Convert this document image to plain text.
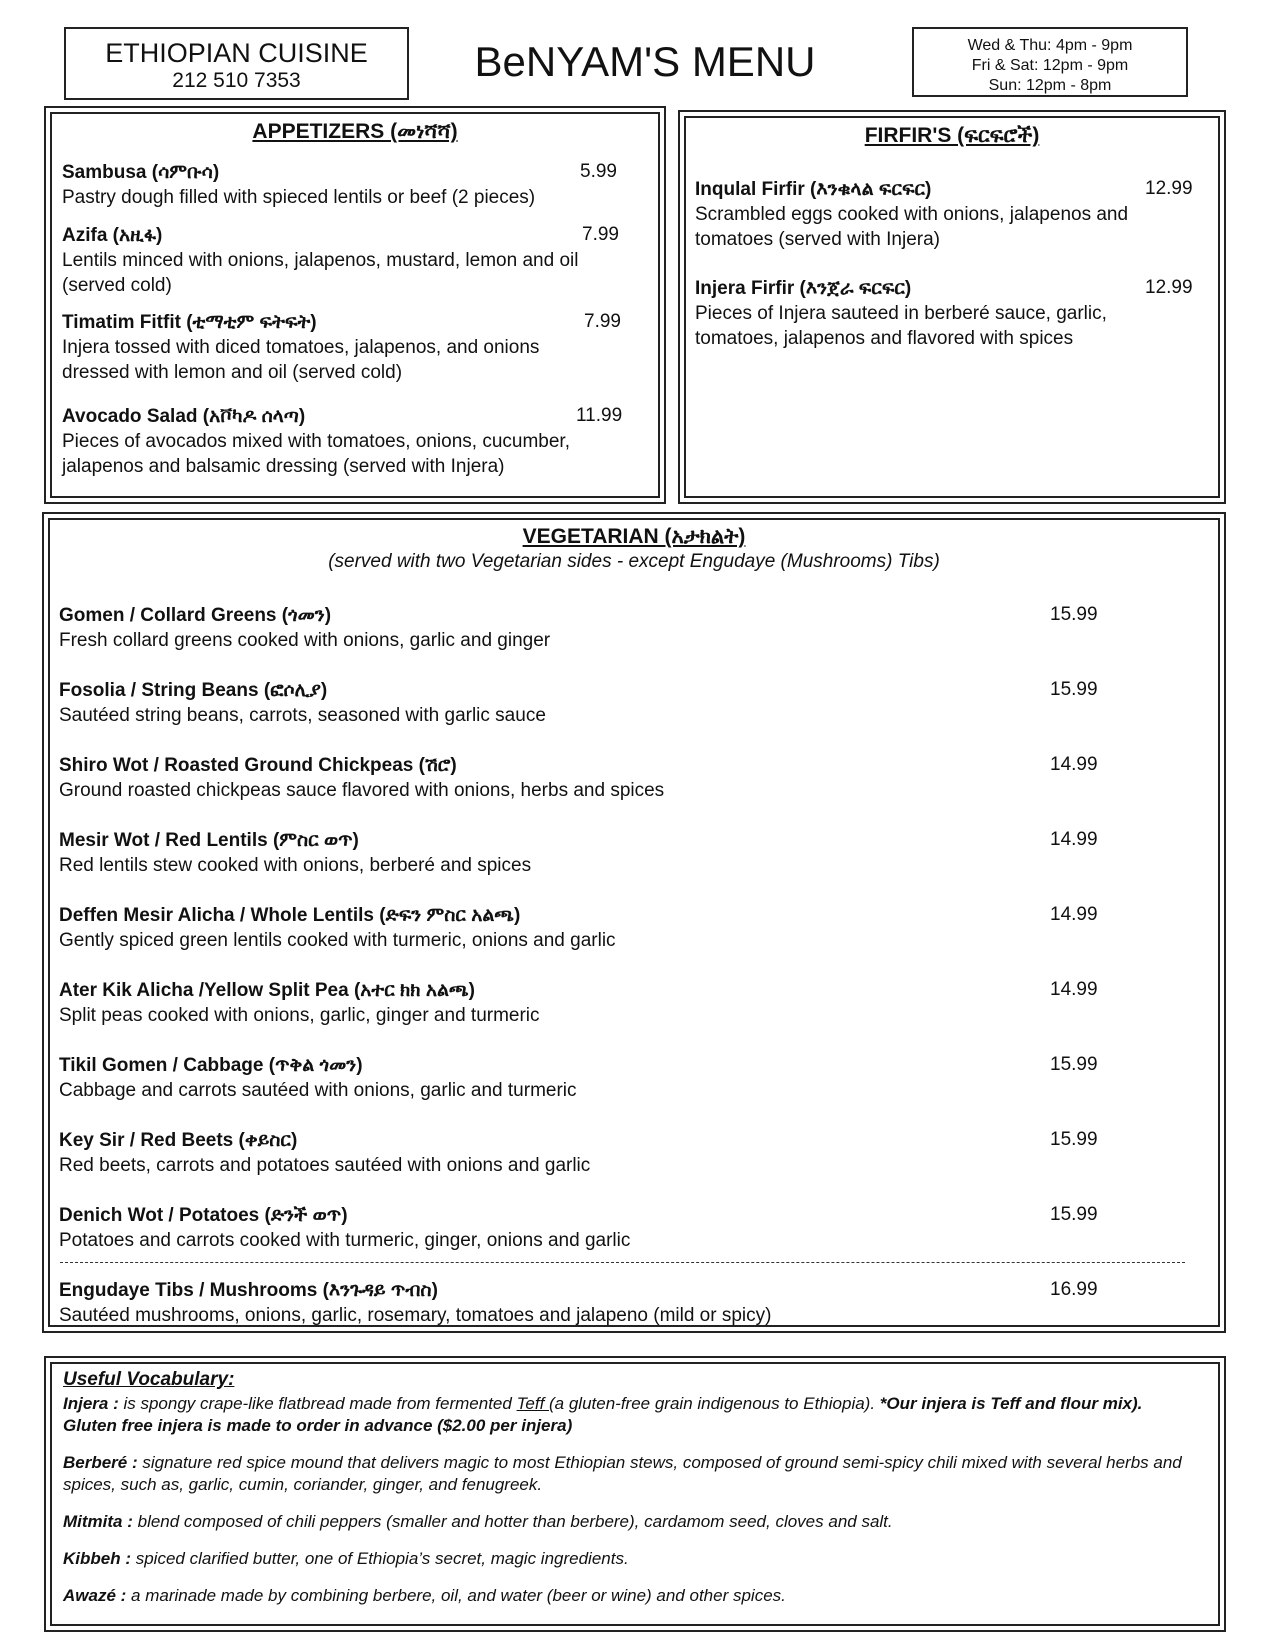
ETHIOPIAN CUISINE
212 510 7353	BeNYAM'S MENU	Wed & Thu: 4pm - 9pm
Fri & Sat: 12pm - 9pm
Sun: 12pm - 8pm
APPETIZERS (መነሻሻ)
Sambusa (ሳምቡሳ)
Pastry dough filled with spieced lentils or beef (2 pieces)
5.99
Azifa (አዚፋ)
Lentils minced with onions, jalapenos, mustard, lemon and oil (served cold)
7.99
Timatim Fitfit (ቲማቲም ፍትፍት)
Injera tossed with diced tomatoes, jalapenos, and onions dressed with lemon and oil (served cold)
7.99
Avocado Salad (አቮካዶ ሰላጣ)
Pieces of avocados mixed with tomatoes, onions, cucumber, jalapenos and balsamic dressing (served with Injera)
11.99
FIRFIR'S (ፍርፍሮች)
Inqulal Firfir (እንቁላል ፍርፍር)
Scrambled eggs cooked with onions, jalapenos and tomatoes (served with Injera)
12.99
Injera Firfir (እንጀራ ፍርፍር)
Pieces of Injera sauteed in berberé sauce, garlic, tomatoes, jalapenos and flavored with spices
12.99
VEGETARIAN (አታክልት)
(served with two Vegetarian sides - except Engudaye (Mushrooms) Tibs)
Gomen / Collard Greens (ጎመን)
Fresh collard greens cooked with onions, garlic and ginger
15.99
Fosolia / String Beans (ፎሶሊያ)
Sautéed string beans, carrots, seasoned with garlic sauce
15.99
Shiro Wot / Roasted Ground Chickpeas (ሽሮ)
Ground roasted chickpeas sauce flavored with onions, herbs and spices
14.99
Mesir Wot / Red Lentils (ምስር ወጥ)
Red lentils stew cooked with onions, berberé and spices
14.99
Deffen Mesir Alicha / Whole Lentils (ድፍን ምስር አልጫ)
Gently spiced green lentils cooked with turmeric, onions and garlic
14.99
Ater Kik Alicha /Yellow Split Pea (አተር ክክ አልጫ)
Split peas cooked with onions, garlic, ginger and turmeric
14.99
Tikil Gomen / Cabbage (ጥቅል ጎመን)
Cabbage and carrots sautéed with onions, garlic and turmeric
15.99
Key Sir / Red Beets (ቀይስር)
Red beets, carrots and potatoes sautéed with onions and garlic
15.99
Denich Wot / Potatoes (ድንች ወጥ)
Potatoes and carrots cooked with turmeric, ginger, onions and garlic
15.99
Engudaye Tibs / Mushrooms (እንጉዳይ ጥብስ)
Sautéed mushrooms, onions, garlic, rosemary, tomatoes and jalapeno (mild or spicy)
16.99

Useful Vocabulary:

Injera : is spongy crape-like flatbread made from fermented Teff (a gluten-free grain indigenous to Ethiopia). *Our injera is Teff and flour mix). Gluten free injera is made to order in advance ($2.00 per injera)

Berberé : signature red spice mound that delivers magic to most Ethiopian stews, composed of ground semi-spicy chili mixed with several herbs and spices, such as, garlic, cumin, coriander, ginger, and fenugreek.

Mitmita : blend composed of chili peppers (smaller and hotter than berbere), cardamom seed, cloves and salt.

Kibbeh : spiced clarified butter, one of Ethiopia’s secret, magic ingredients.

Awazé : a marinade made by combining berbere, oil, and water (beer or wine) and other spices.
